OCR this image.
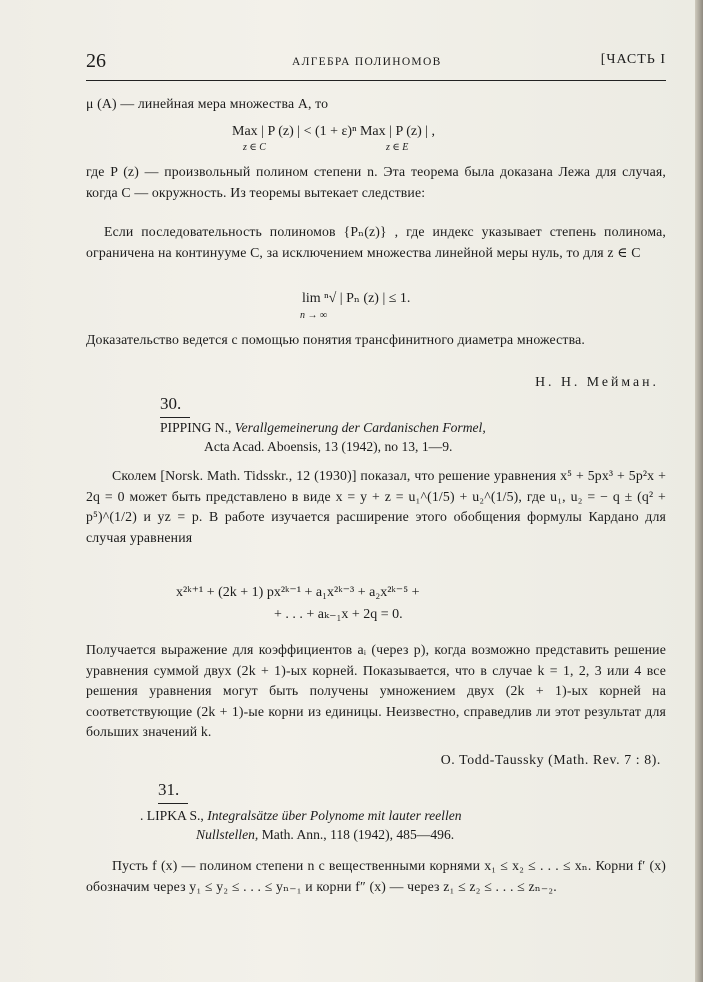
26	АЛГЕБРА ПОЛИНОМОВ	[ЧАСТЬ I
μ (A) — линейная мера множества A, то
Max | P (z) | < (1 + ε)ⁿ Max | P (z) | ,
z ∈ C	z ∈ E
где P (z) — произвольный полином степени n. Эта теорема была доказана Лежа для случая, когда C — окружность. Из теоремы вытекает следствие:
Если последовательность полиномов {Pₙ(z)} , где индекс указывает степень полинома, ограничена на континууме C, за исключением множества линейной меры нуль, то для z ∈ C
lim ⁿ√ | Pₙ (z) | ≤ 1.
n → ∞
Доказательство ведется с помощью понятия трансфинитного диаметра множества.
Н. Н. Мейман.
30.
PIPPING N., Verallgemeinerung der Cardanischen Formel,
Acta Acad. Aboensis, 13 (1942), no 13, 1—9.
Сколем [Norsk. Math. Tidsskr., 12 (1930)] показал, что решение уравнения x⁵ + 5px³ + 5p²x + 2q = 0 может быть представлено в виде x = y + z = u₁^(1/5) + u₂^(1/5), где u₁, u₂ = − q ± (q² + p⁵)^(1/2) и yz = p. В работе изучается расширение этого обобщения формулы Кардано для случая уравнения
x²ᵏ⁺¹ + (2k + 1) px²ᵏ⁻¹ + a₁x²ᵏ⁻³ + a₂x²ᵏ⁻⁵ +
+ . . . + aₖ₋₁x + 2q = 0.
Получается выражение для коэффициентов aᵢ (через p), когда возможно представить решение уравнения суммой двух (2k + 1)-ых корней. Показывается, что в случае k = 1, 2, 3 или 4 все решения уравнения могут быть получены умножением двух (2k + 1)-ых корней на соответствующие (2k + 1)-ые корни из единицы. Неизвестно, справедлив ли этот результат для больших значений k.
O. Todd-Taussky (Math. Rev. 7 : 8).
31.
. LIPKA S., Integralsätze über Polynome mit lauter reellen
Nullstellen, Math. Ann., 118 (1942), 485—496.
Пусть f (x) — полином степени n с вещественными корнями x₁ ≤ x₂ ≤ . . . ≤ xₙ. Корни f′ (x) обозначим через y₁ ≤ y₂ ≤ . . . ≤ yₙ₋₁ и корни f″ (x) — через z₁ ≤ z₂ ≤ . . . ≤ zₙ₋₂.
